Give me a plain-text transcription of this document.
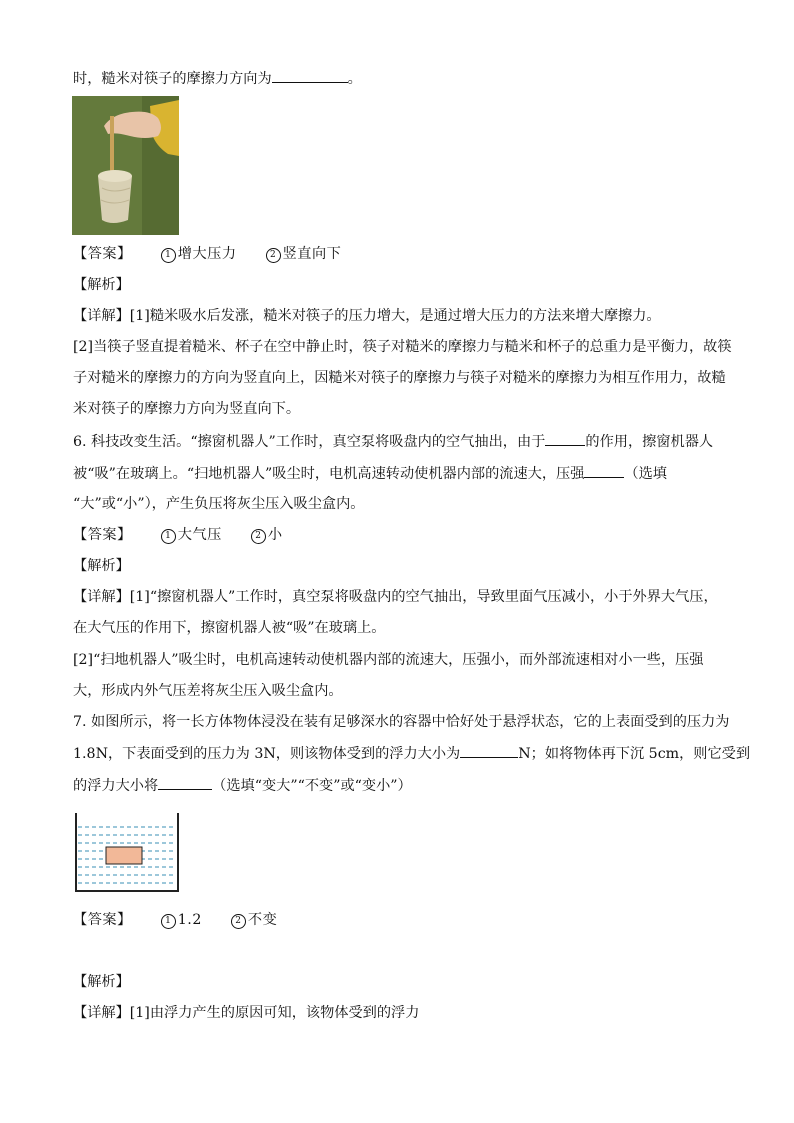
时，糙米对筷子的摩擦力方向为	。
【答案】	1 增大压力	2 竖直向下
【解析】
【详解】[1]糙米吸水后发涨，糙米对筷子的压力增大，是通过增大压力的方法来增大摩擦力。
[2]当筷子竖直提着糙米、杯子在空中静止时，筷子对糙米的摩擦力与糙米和杯子的总重力是平衡力，故筷
子对糙米的摩擦力的方向为竖直向上，因糙米对筷子的摩擦力与筷子对糙米的摩擦力为相互作用力，故糙
米对筷子的摩擦力方向为竖直向下。
6. 科技改变生活。“擦窗机器人”工作时，真空泵将吸盘内的空气抽出，由于	的作用，擦窗机器人
被“吸”在玻璃上。“扫地机器人”吸尘时，电机高速转动使机器内部的流速大，压强	（选填
“大”或“小”），产生负压将灰尘压入吸尘盒内。
【答案】	1 大气压	2 小
【解析】
【详解】[1]“擦窗机器人”工作时，真空泵将吸盘内的空气抽出，导致里面气压减小，小于外界大气压，
在大气压的作用下，擦窗机器人被“吸”在玻璃上。
[2]“扫地机器人”吸尘时，电机高速转动使机器内部的流速大，压强小，而外部流速相对小一些，压强
大，形成内外气压差将灰尘压入吸尘盒内。
7. 如图所示，将一长方体物体浸没在装有足够深水的容器中恰好处于悬浮状态，它的上表面受到的压力为
1.8N，下表面受到的压力为 3N，则该物体受到的浮力大小为	N；如将物体再下沉 5cm，则它受到
的浮力大小将	（选填“变大”“不变”或“变小”）
【答案】	1 1.2	2 不变
【解析】
【详解】[1]由浮力产生的原因可知，该物体受到的浮力
